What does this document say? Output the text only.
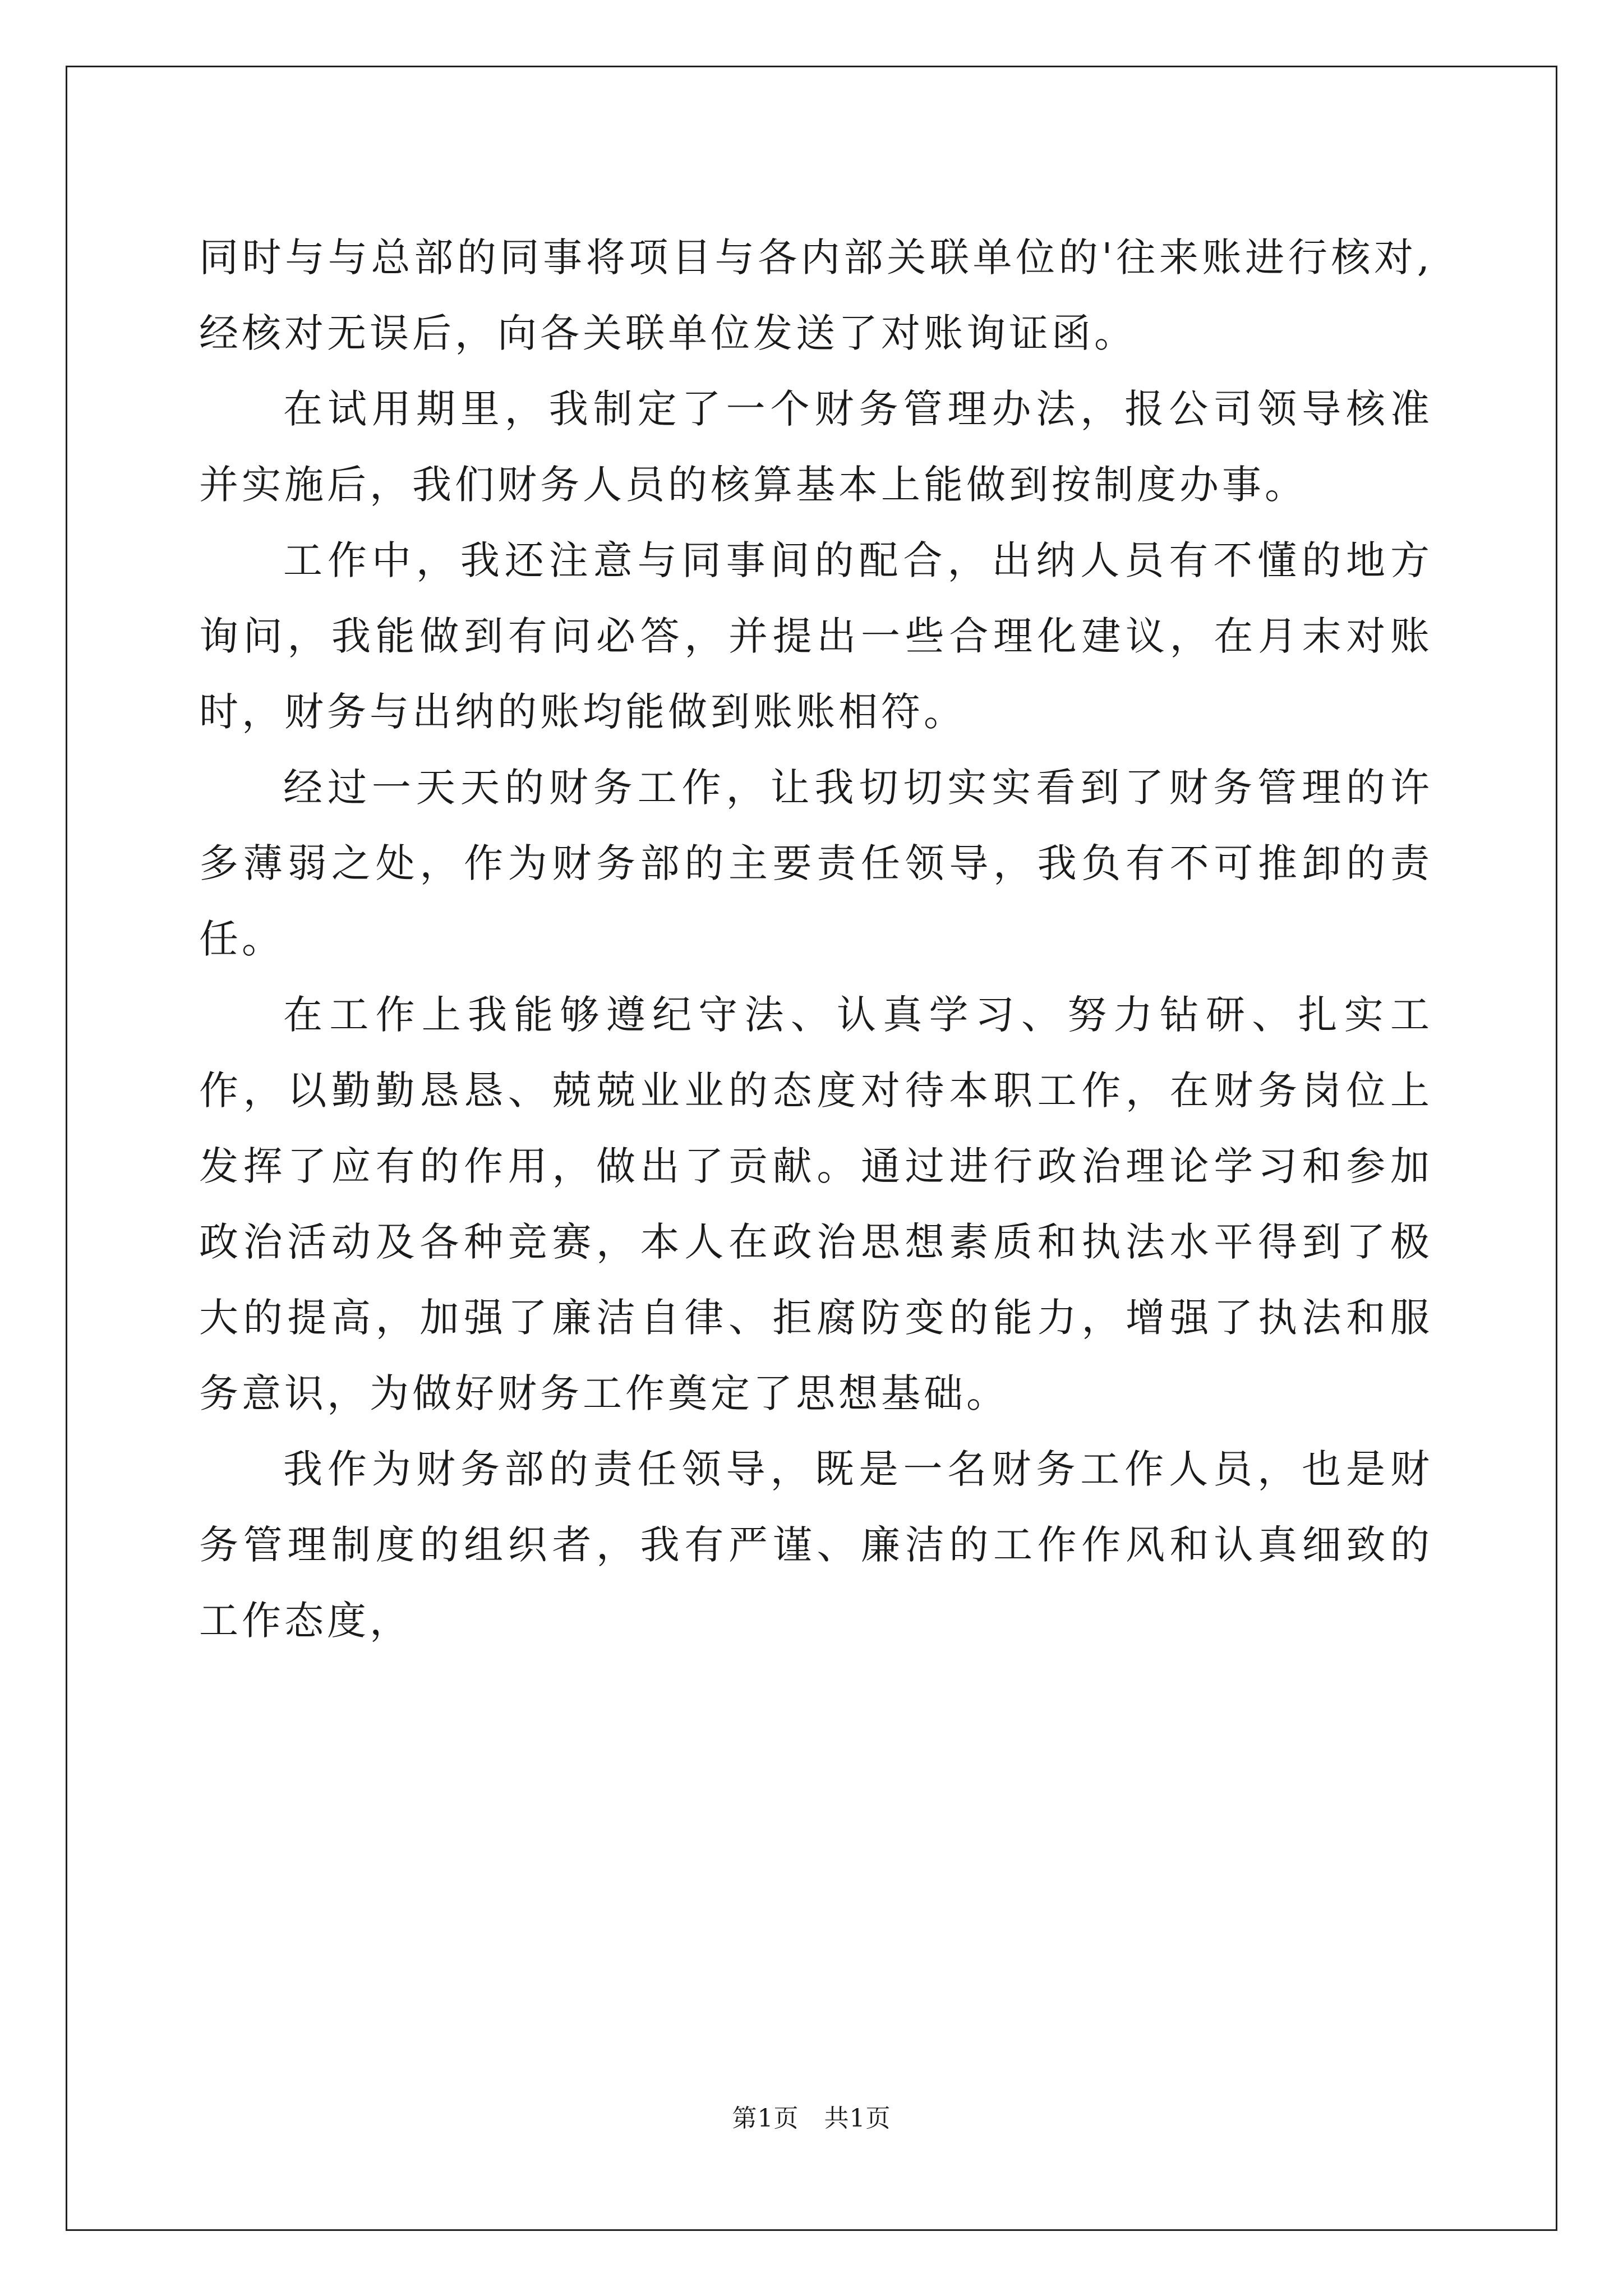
同时与与总部的同事将项目与各内部关联单位的'往来账进行核对,经核对无误后，向各关联单位发送了对账询证函。

在试用期里，我制定了一个财务管理办法，报公司领导核准并实施后，我们财务人员的核算基本上能做到按制度办事。

工作中，我还注意与同事间的配合，出纳人员有不懂的地方询问，我能做到有问必答，并提出一些合理化建议，在月末对账时，财务与出纳的账均能做到账账相符。

经过一天天的财务工作，让我切切实实看到了财务管理的许多薄弱之处，作为财务部的主要责任领导，我负有不可推卸的责任。

在工作上我能够遵纪守法、认真学习、努力钻研、扎实工作，以勤勤恳恳、兢兢业业的态度对待本职工作，在财务岗位上发挥了应有的作用，做出了贡献。通过进行政治理论学习和参加政治活动及各种竞赛，本人在政治思想素质和执法水平得到了极大的提高，加强了廉洁自律、拒腐防变的能力，增强了执法和服务意识，为做好财务工作奠定了思想基础。

我作为财务部的责任领导，既是一名财务工作人员，也是财务管理制度的组织者，我有严谨、廉洁的工作作风和认真细致的工作态度，

第1页　共1页
